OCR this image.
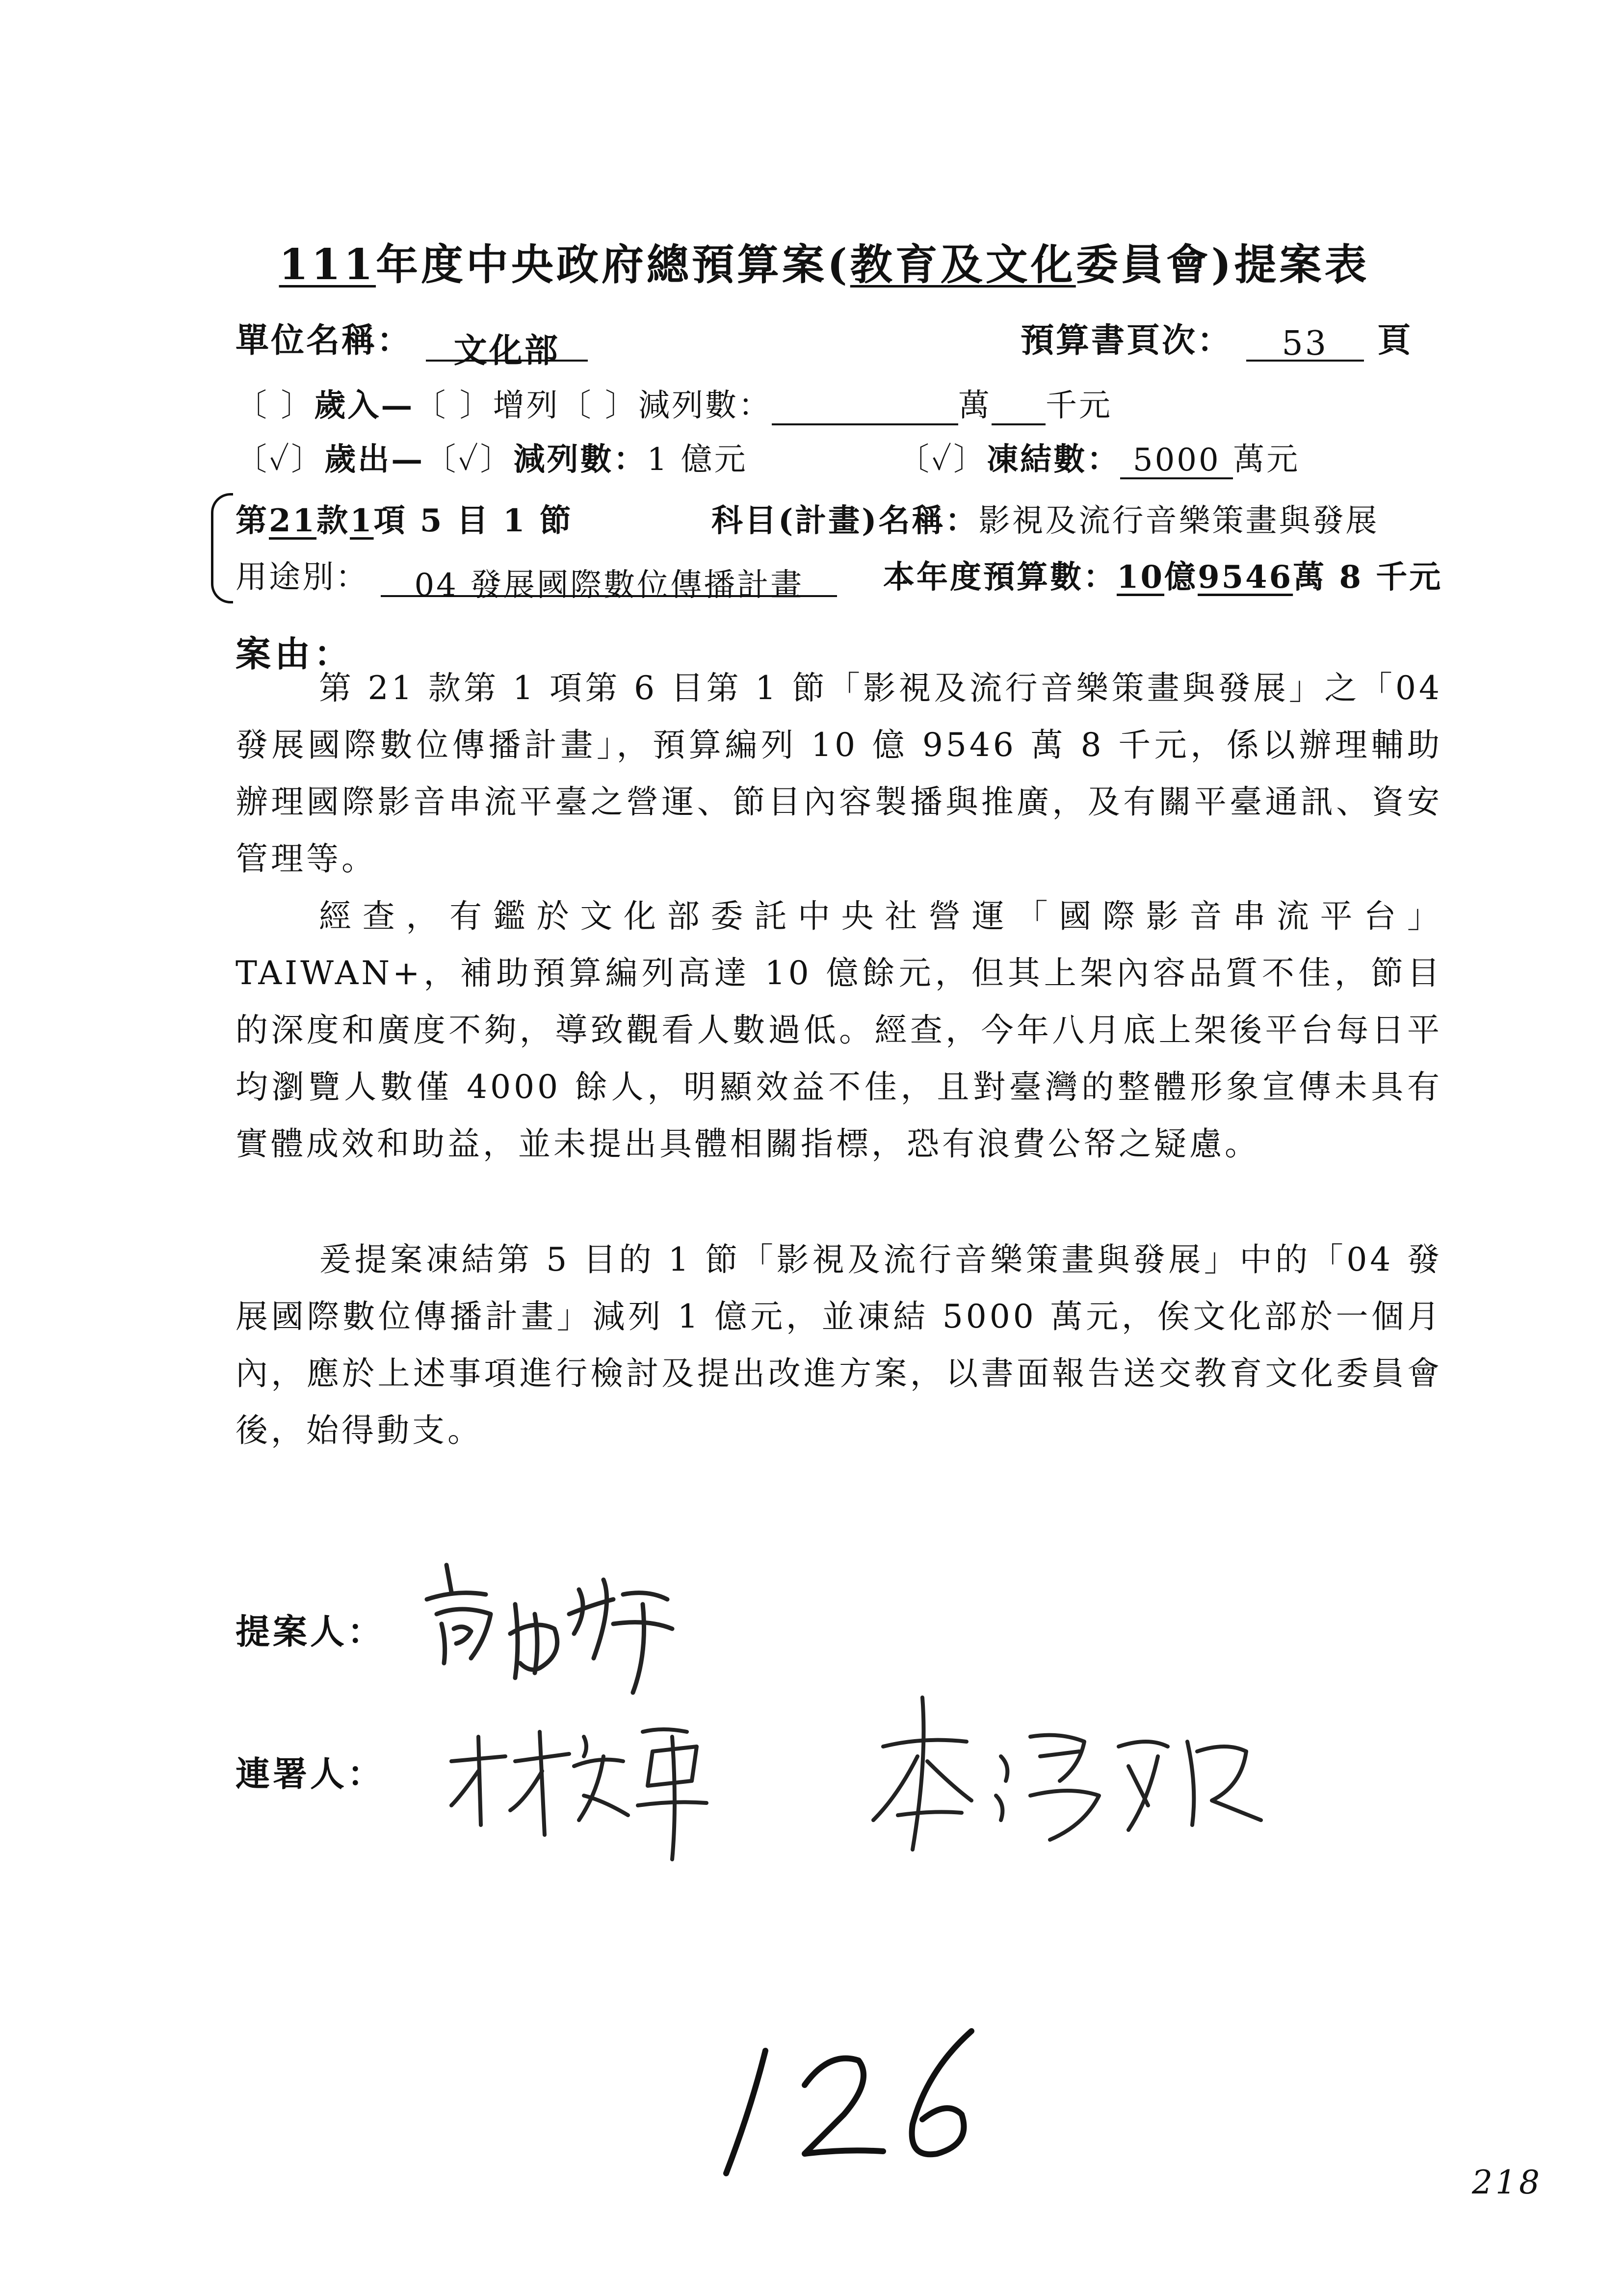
111年度中央政府總預算案(教育及文化委員會)提案表
單位名稱： 文化部	預算書頁次： 53 頁
〔 〕歲入—〔 〕增列〔 〕減列數：	萬 千元
〔✓〕歲出—〔✓〕減列數：1 億元	〔✓〕凍結數： 5000 萬元
第21款1項 5 目 1 節	科目(計畫)名稱：影視及流行音樂策畫與發展
用途別： 04 發展國際數位傳播計畫	本年度預算數：10億9546萬 8 千元
案由：

第 21 款第 1 項第 6 目第 1 節「影視及流行音樂策畫與發展」之「04 發展國際數位傳播計畫」，預算編列 10 億 9546 萬 8 千元，係以辦理輔助辦理國際影音串流平臺之營運、節目內容製播與推廣，及有關平臺通訊、資安管理等。

經查，有鑑於文化部委託中央社營運「國際影音串流平台」TAIWAN+，補助預算編列高達 10 億餘元，但其上架內容品質不佳，節目的深度和廣度不夠，導致觀看人數過低。經查，今年八月底上架後平台每日平均瀏覽人數僅 4000 餘人，明顯效益不佳，且對臺灣的整體形象宣傳未具有實體成效和助益，並未提出具體相關指標，恐有浪費公帑之疑慮。

爰提案凍結第 5 目的 1 節「影視及流行音樂策畫與發展」中的「04 發展國際數位傳播計畫」減列 1 億元，並凍結 5000 萬元，俟文化部於一個月內，應於上述事項進行檢討及提出改進方案，以書面報告送交教育文化委員會後，始得動支。

提案人：
連署人：
218
